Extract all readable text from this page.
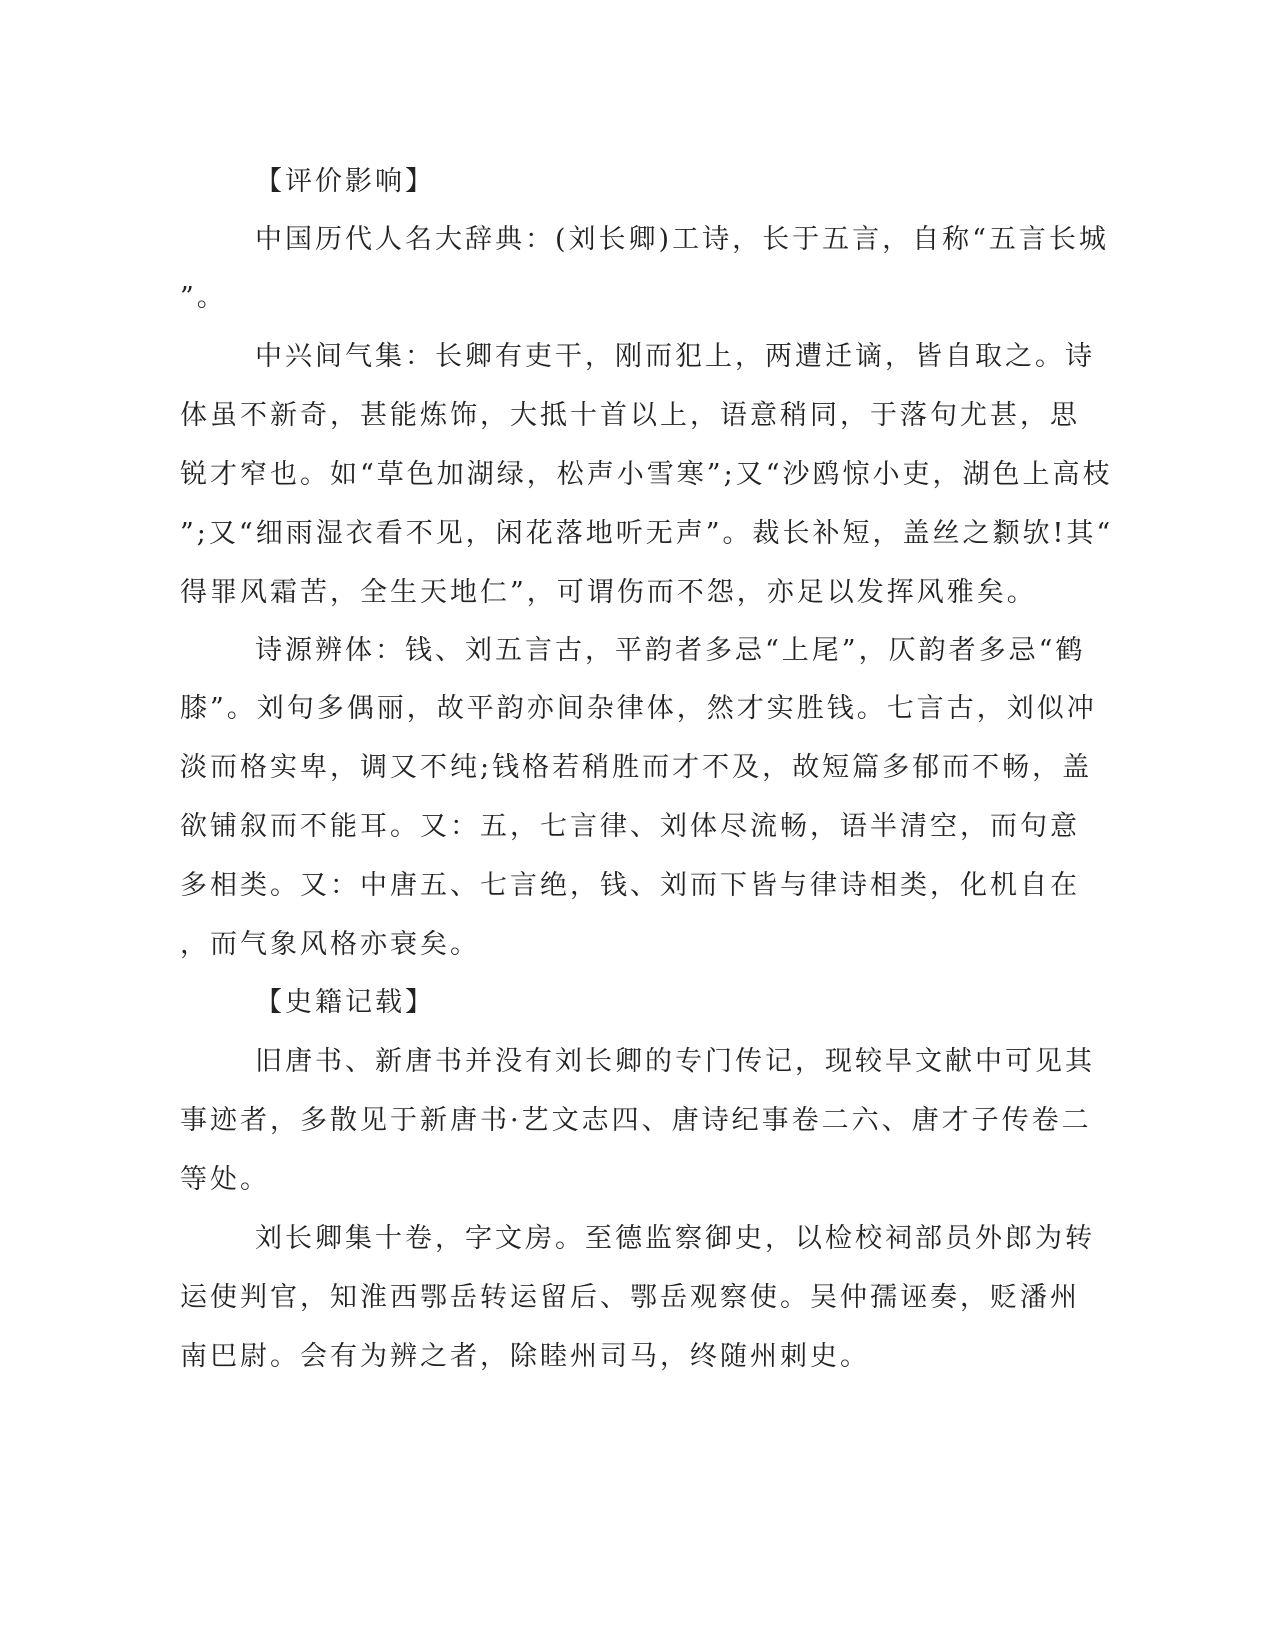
【评价影响】
中国历代人名大辞典：(刘长卿)工诗，长于五言，自称“五言长城
”。
中兴间气集：长卿有吏干，刚而犯上，两遭迁谪，皆自取之。诗
体虽不新奇，甚能炼饰，大抵十首以上，语意稍同，于落句尤甚，思
锐才窄也。如“草色加湖绿，松声小雪寒”;又“沙鸥惊小吏，湖色上高枝
”;又“细雨湿衣看不见，闲花落地听无声”。裁长补短，盖丝之颣欤!其“
得罪风霜苦，全生天地仁”，可谓伤而不怨，亦足以发挥风雅矣。
诗源辨体：钱、刘五言古，平韵者多忌“上尾”，仄韵者多忌“鹤
膝”。刘句多偶丽，故平韵亦间杂律体，然才实胜钱。七言古，刘似冲
淡而格实卑，调又不纯;钱格若稍胜而才不及，故短篇多郁而不畅，盖
欲铺叙而不能耳。又：五，七言律、刘体尽流畅，语半清空，而句意
多相类。又：中唐五、七言绝，钱、刘而下皆与律诗相类，化机自在
，而气象风格亦衰矣。
【史籍记载】
旧唐书、新唐书并没有刘长卿的专门传记，现较早文献中可见其
事迹者，多散见于新唐书·艺文志四、唐诗纪事卷二六、唐才子传卷二
等处。
刘长卿集十卷，字文房。至德监察御史，以检校祠部员外郎为转
运使判官，知淮西鄂岳转运留后、鄂岳观察使。吴仲孺诬奏，贬潘州
南巴尉。会有为辨之者，除睦州司马，终随州刺史。
